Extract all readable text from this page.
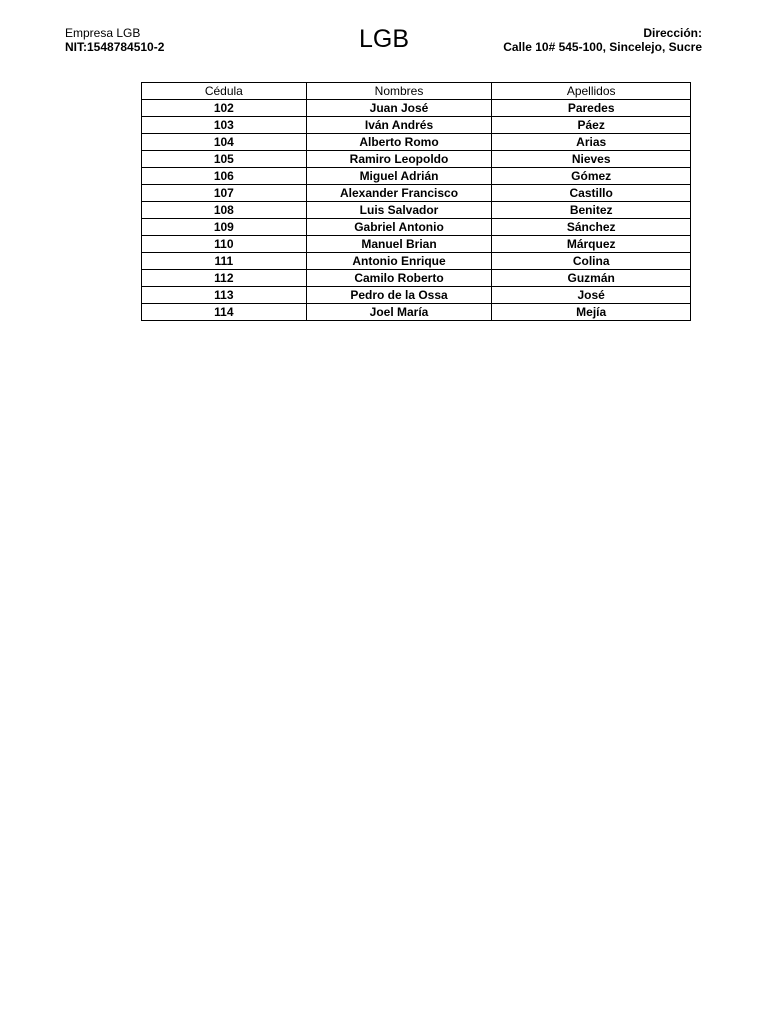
Empresa LGB
NIT:1548784510-2	LGB	Dirección:
Calle 10# 545-100, Sincelejo, Sucre
Cédula	Nombres	Apellidos
102	Juan José	Paredes
103	Iván Andrés	Páez
104	Alberto Romo	Arias
105	Ramiro Leopoldo	Nieves
106	Miguel Adrián	Gómez
107	Alexander Francisco	Castillo
108	Luis Salvador	Benitez
109	Gabriel Antonio	Sánchez
110	Manuel Brian	Márquez
111	Antonio Enrique	Colina
112	Camilo Roberto	Guzmán
113	Pedro de la Ossa	José
114	Joel María	Mejía
